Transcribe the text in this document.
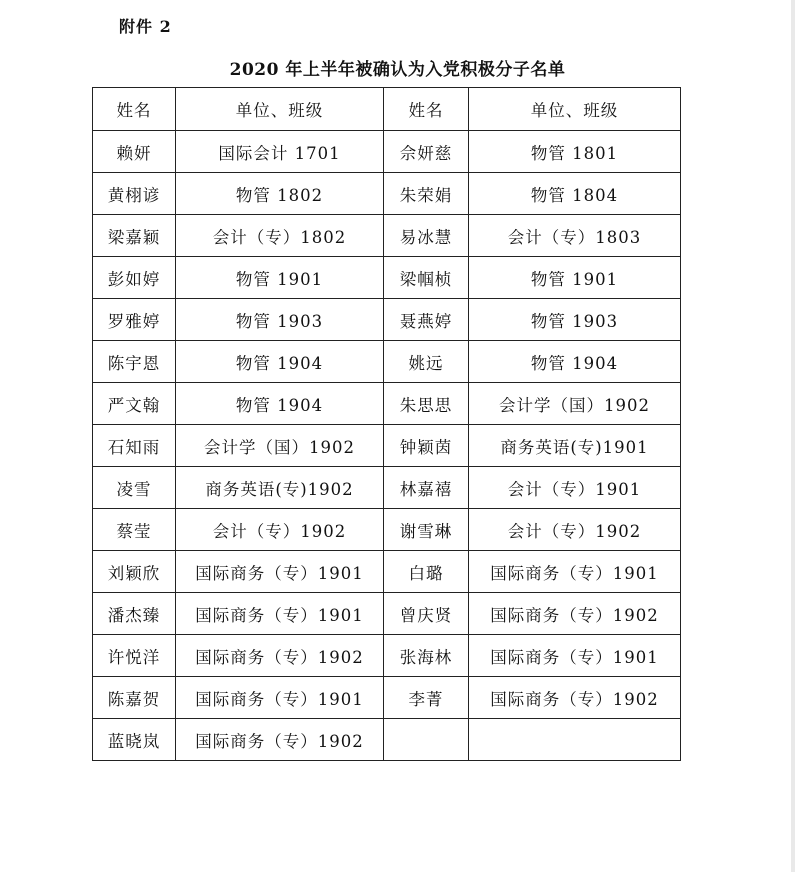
附件 2
2020 年上半年被确认为入党积极分子名单
姓名	单位、班级	姓名	单位、班级
赖妍	国际会计 1701	佘妍慈	物管 1801
黄栩谚	物管 1802	朱荣娟	物管 1804
梁嘉颖	会计（专）1802	易冰慧	会计（专）1803
彭如婷	物管 1901	梁帼桢	物管 1901
罗雅婷	物管 1903	聂燕婷	物管 1903
陈宇恩	物管 1904	姚远	物管 1904
严文翰	物管 1904	朱思思	会计学（国）1902
石知雨	会计学（国）1902	钟颖茵	商务英语(专)1901
凌雪	商务英语(专)1902	林嘉禧	会计（专）1901
蔡莹	会计（专）1902	谢雪琳	会计（专）1902
刘颖欣	国际商务（专）1901	白璐	国际商务（专）1901
潘杰臻	国际商务（专）1901	曾庆贤	国际商务（专）1902
许悦洋	国际商务（专）1902	张海林	国际商务（专）1901
陈嘉贺	国际商务（专）1901	李菁	国际商务（专）1902
蓝晓岚	国际商务（专）1902		
